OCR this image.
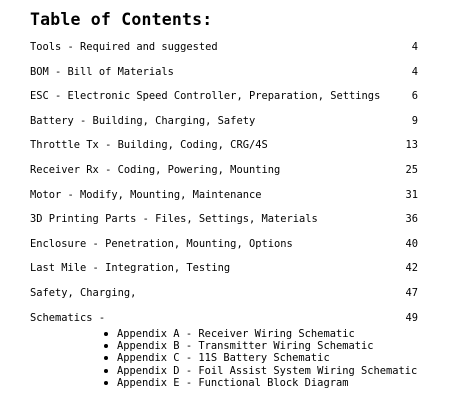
Table of Contents:
Tools - Required and suggested	4
BOM - Bill of Materials	4
ESC - Electronic Speed Controller, Preparation, Settings	6
Battery - Building, Charging, Safety	9
Throttle Tx - Building, Coding, CRG/4S	13
Receiver Rx - Coding, Powering, Mounting	25
Motor - Modify, Mounting, Maintenance	31
3D Printing Parts - Files, Settings, Materials	36
Enclosure - Penetration, Mounting, Options	40
Last Mile - Integration, Testing	42
Safety, Charging,	47
Schematics -	49
Appendix A - Receiver Wiring Schematic
Appendix B - Transmitter Wiring Schematic
Appendix C - 11S Battery Schematic
Appendix D - Foil Assist System Wiring Schematic
Appendix E - Functional Block Diagram
